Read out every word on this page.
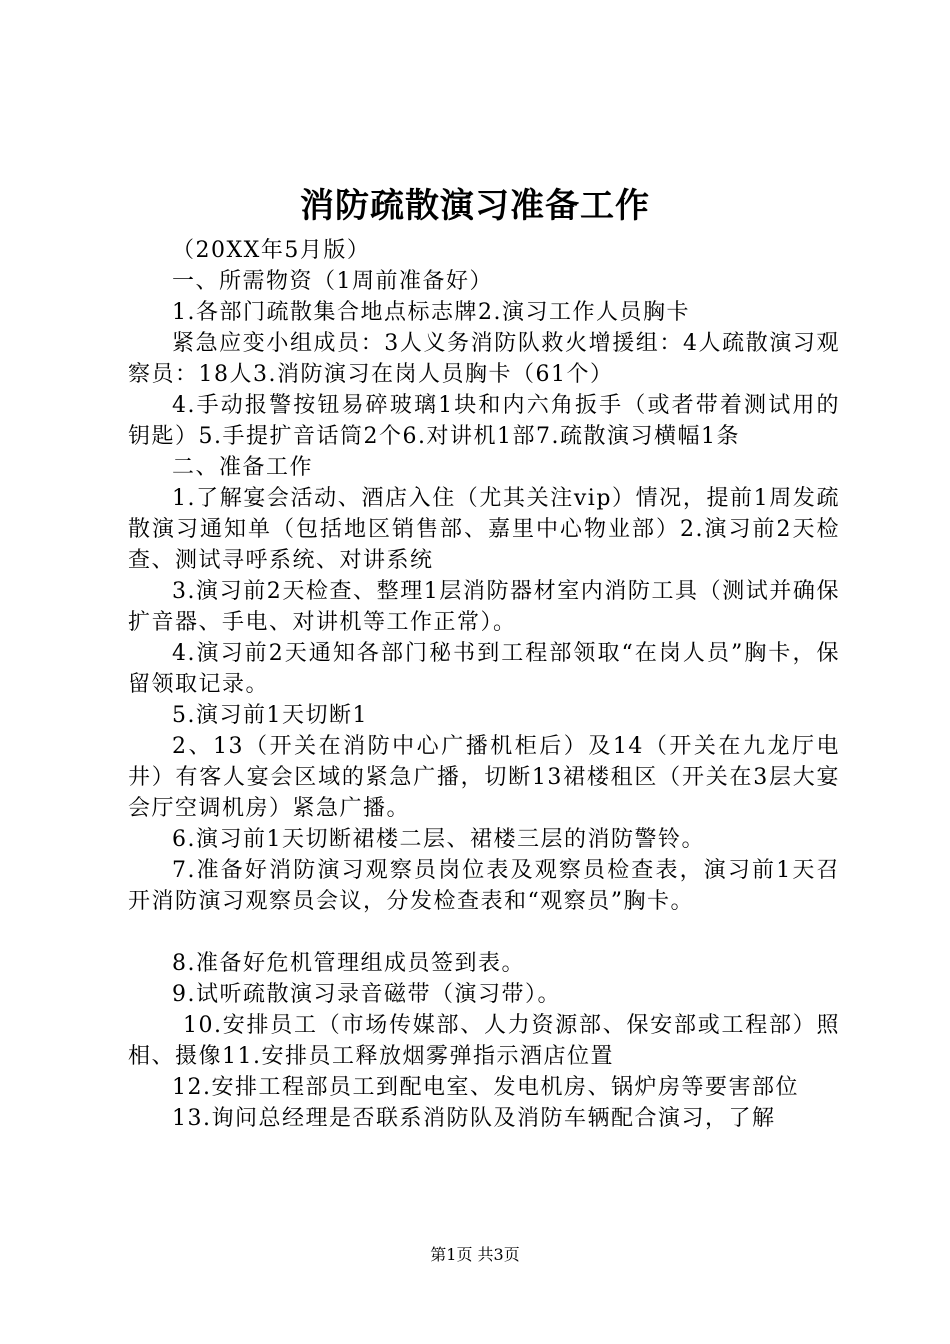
消防疏散演习准备工作

（20XX年5月版）

一、所需物资（1周前准备好）

1.各部门疏散集合地点标志牌2.演习工作人员胸卡

紧急应变小组成员：3人义务消防队救火增援组：4人疏散演习观察员：18人3.消防演习在岗人员胸卡（61个）

4.手动报警按钮易碎玻璃1块和内六角扳手（或者带着测试用的钥匙）5.手提扩音话筒2个6.对讲机1部7.疏散演习横幅1条

二、准备工作

1.了解宴会活动、酒店入住（尤其关注vip）情况，提前1周发疏散演习通知单（包括地区销售部、嘉里中心物业部）2.演习前2天检查、测试寻呼系统、对讲系统

3.演习前2天检查、整理1层消防器材室内消防工具（测试并确保扩音器、手电、对讲机等工作正常）。

4.演习前2天通知各部门秘书到工程部领取“在岗人员”胸卡，保留领取记录。

5.演习前1天切断1

2、13（开关在消防中心广播机柜后）及14（开关在九龙厅电井）有客人宴会区域的紧急广播，切断13裙楼租区（开关在3层大宴会厅空调机房）紧急广播。

6.演习前1天切断裙楼二层、裙楼三层的消防警铃。

7.准备好消防演习观察员岗位表及观察员检查表，演习前1天召开消防演习观察员会议，分发检查表和“观察员”胸卡。

8.准备好危机管理组成员签到表。

9.试听疏散演习录音磁带（演习带）。

10.安排员工（市场传媒部、人力资源部、保安部或工程部）照相、摄像11.安排员工释放烟雾弹指示酒店位置

12.安排工程部员工到配电室、发电机房、锅炉房等要害部位

13.询问总经理是否联系消防队及消防车辆配合演习，了解

第1页 共3页
